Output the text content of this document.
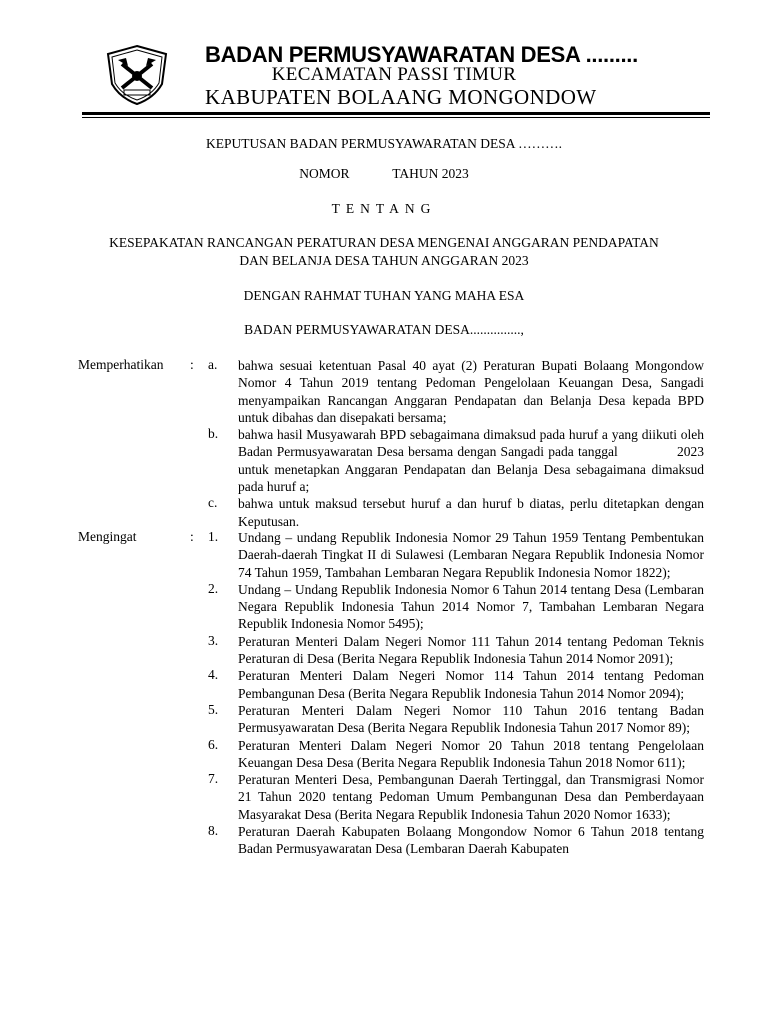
BADAN PERMUSYAWARATAN DESA .........
KECAMATAN PASSI TIMUR
KABUPATEN BOLAANG MONGONDOW
KEPUTUSAN BADAN PERMUSYAWARATAN DESA ……….
NOMOR	TAHUN 2023
TENTANG
KESEPAKATAN RANCANGAN PERATURAN DESA MENGENAI ANGGARAN PENDAPATAN
DAN BELANJA DESA TAHUN ANGGARAN 2023
DENGAN RAHMAT TUHAN YANG MAHA ESA
BADAN PERMUSYAWARATAN DESA...............,
Memperhatikan : a. bahwa sesuai ketentuan Pasal 40 ayat (2) Peraturan Bupati Bolaang Mongondow Nomor 4 Tahun 2019 tentang Pedoman Pengelolaan Keuangan Desa, Sangadi menyampaikan Rancangan Anggaran Pendapatan dan Belanja Desa kepada BPD untuk dibahas dan disepakati bersama;
b. bahwa hasil Musyawarah BPD sebagaimana dimaksud pada huruf a yang diikuti oleh Badan Permusyawaratan Desa bersama dengan Sangadi pada tanggal              2023 untuk menetapkan Anggaran Pendapatan dan Belanja Desa sebagaimana dimaksud pada huruf a;
c. bahwa untuk maksud tersebut huruf a dan huruf b diatas, perlu ditetapkan dengan Keputusan.
Mengingat	: 1. Undang – undang Republik Indonesia Nomor 29 Tahun 1959 Tentang Pembentukan Daerah-daerah Tingkat II di Sulawesi (Lembaran Negara Republik Indonesia Nomor 74 Tahun 1959, Tambahan Lembaran Negara Republik Indonesia Nomor 1822);
2. Undang – Undang Republik Indonesia Nomor 6 Tahun 2014 tentang Desa (Lembaran Negara Republik Indonesia Tahun 2014 Nomor 7, Tambahan Lembaran Negara Republik Indonesia Nomor 5495);
3. Peraturan Menteri Dalam Negeri Nomor 111 Tahun 2014 tentang Pedoman Teknis Peraturan di Desa (Berita Negara Republik Indonesia Tahun 2014 Nomor 2091);
4. Peraturan Menteri Dalam Negeri Nomor 114 Tahun 2014 tentang Pedoman Pembangunan Desa (Berita Negara Republik Indonesia Tahun 2014 Nomor 2094);
5. Peraturan Menteri Dalam Negeri Nomor 110 Tahun 2016 tentang Badan Permusyawaratan Desa (Berita Negara Republik Indonesia Tahun 2017 Nomor 89);
6. Peraturan Menteri Dalam Negeri Nomor 20 Tahun 2018 tentang Pengelolaan Keuangan Desa Desa (Berita Negara Republik Indonesia Tahun 2018 Nomor 611);
7. Peraturan Menteri Desa, Pembangunan Daerah Tertinggal, dan Transmigrasi Nomor 21 Tahun 2020 tentang Pedoman Umum Pembangunan Desa dan Pemberdayaan Masyarakat Desa (Berita Negara Republik Indonesia Tahun 2020 Nomor 1633);
8. Peraturan Daerah Kabupaten Bolaang Mongondow Nomor 6 Tahun 2018 tentang Badan Permusyawaratan Desa (Lembaran Daerah Kabupaten
